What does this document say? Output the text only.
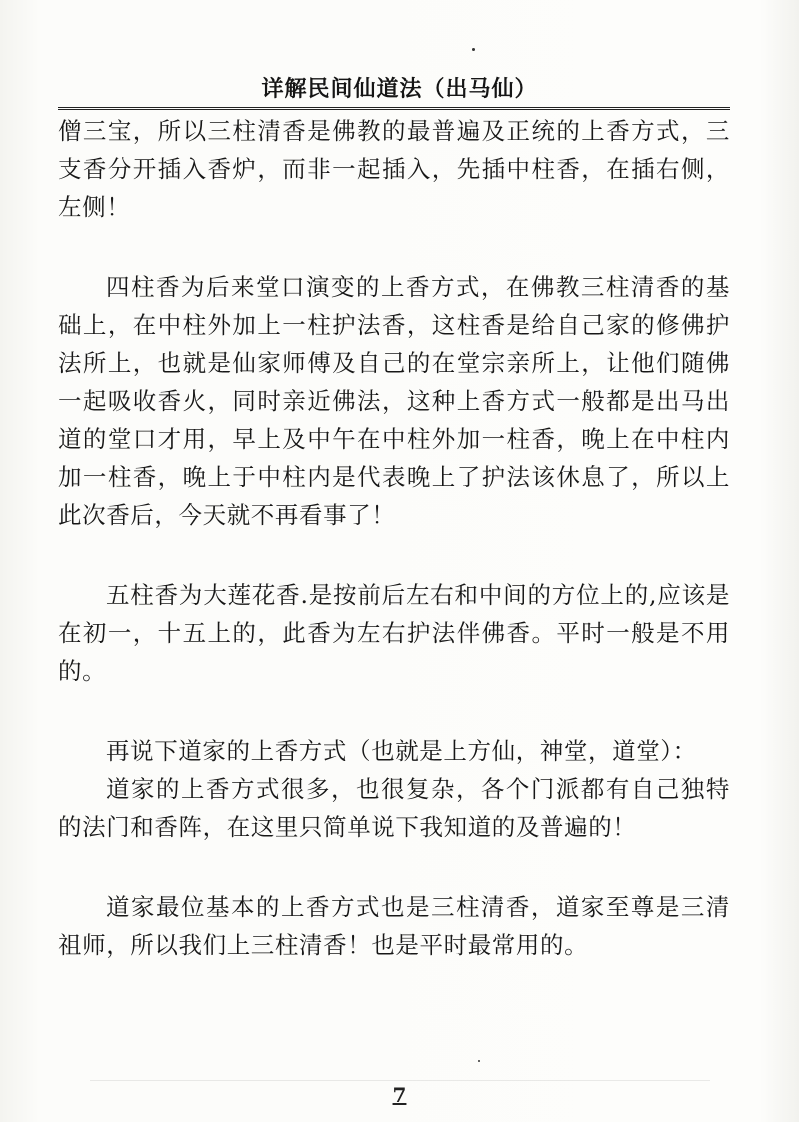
详解民间仙道法（出马仙）

僧三宝，所以三柱清香是佛教的最普遍及正统的上香方式，三支香分开插入香炉，而非一起插入，先插中柱香，在插右侧，左侧！

四柱香为后来堂口演变的上香方式，在佛教三柱清香的基础上，在中柱外加上一柱护法香，这柱香是给自己家的修佛护法所上，也就是仙家师傅及自己的在堂宗亲所上，让他们随佛一起吸收香火，同时亲近佛法，这种上香方式一般都是出马出道的堂口才用，早上及中午在中柱外加一柱香，晚上在中柱内加一柱香，晚上于中柱内是代表晚上了护法该休息了，所以上此次香后，今天就不再看事了！

五柱香为大莲花香.是按前后左右和中间的方位上的,应该是在初一，十五上的，此香为左右护法伴佛香。平时一般是不用的。

再说下道家的上香方式（也就是上方仙，神堂，道堂）：

道家的上香方式很多，也很复杂，各个门派都有自己独特的法门和香阵，在这里只简单说下我知道的及普遍的！

道家最位基本的上香方式也是三柱清香，道家至尊是三清祖师，所以我们上三柱清香！也是平时最常用的。

7
